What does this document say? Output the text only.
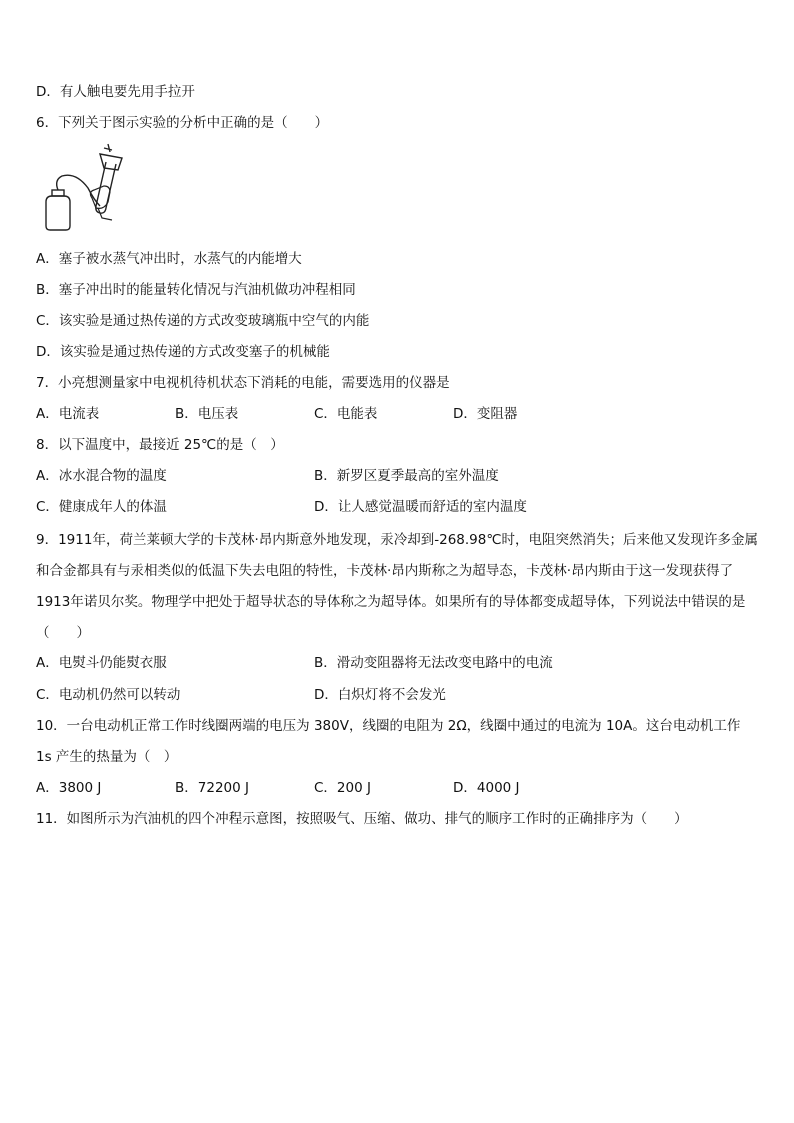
D．有人触电要先用手拉开
6．下列关于图示实验的分析中正确的是（　　）
A．塞子被水蒸气冲出时，水蒸气的内能增大
B．塞子冲出时的能量转化情况与汽油机做功冲程相同
C．该实验是通过热传递的方式改变玻璃瓶中空气的内能
D．该实验是通过热传递的方式改变塞子的机械能
7．小亮想测量家中电视机待机状态下消耗的电能，需要选用的仪器是
A．电流表	B．电压表	C．电能表	D．变阻器
8．以下温度中，最接近 25℃的是（　）
A．冰水混合物的温度	B．新罗区夏季最高的室外温度
C．健康成年人的体温	D．让人感觉温暖而舒适的室内温度
9．1911年，荷兰莱顿大学的卡茂林·昂内斯意外地发现，汞冷却到-268.98℃时，电阻突然消失；后来他又发现许多金属和合金都具有与汞相类似的低温下失去电阻的特性，卡茂林·昂内斯称之为超导态，卡茂林·昂内斯由于这一发现获得了1913年诺贝尔奖。物理学中把处于超导状态的导体称之为超导体。如果所有的导体都变成超导体，下列说法中错误的是（　　）
A．电熨斗仍能熨衣服	B．滑动变阻器将无法改变电路中的电流
C．电动机仍然可以转动	D．白炽灯将不会发光
10．一台电动机正常工作时线圈两端的电压为 380V，线圈的电阻为 2Ω，线圈中通过的电流为 10A。这台电动机工作 1s 产生的热量为（　）
A．3800 J	B．72200 J	C．200 J	D．4000 J
11．如图所示为汽油机的四个冲程示意图，按照吸气、压缩、做功、排气的顺序工作时的正确排序为（　　）
